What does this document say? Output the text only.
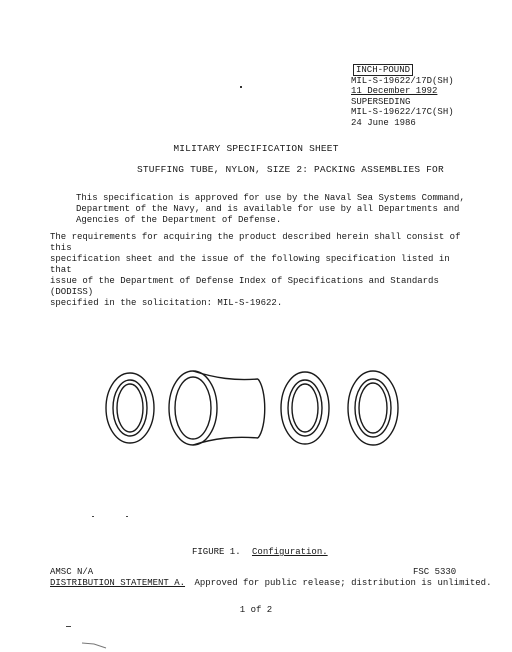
INCH-POUND
MIL-S-19622/17D(SH)
11 December 1992
SUPERSEDING
MIL-S-19622/17C(SH)
24 June 1986
MILITARY SPECIFICATION SHEET
STUFFING TUBE, NYLON, SIZE 2: PACKING ASSEMBLIES FOR
This specification is approved for use by the Naval Sea Systems Command,
Department of the Navy, and is available for use by all Departments and
Agencies of the Department of Defense.
The requirements for acquiring the product described herein shall consist of this
specification sheet and the issue of the following specification listed in that
issue of the Department of Defense Index of Specifications and Standards (DODISS)
specified in the solicitation: MIL-S-19622.
FIGURE 1. Configuration.
AMSC N/A	FSC 5330
DISTRIBUTION STATEMENT A. Approved for public release; distribution is unlimited.
1 of 2
